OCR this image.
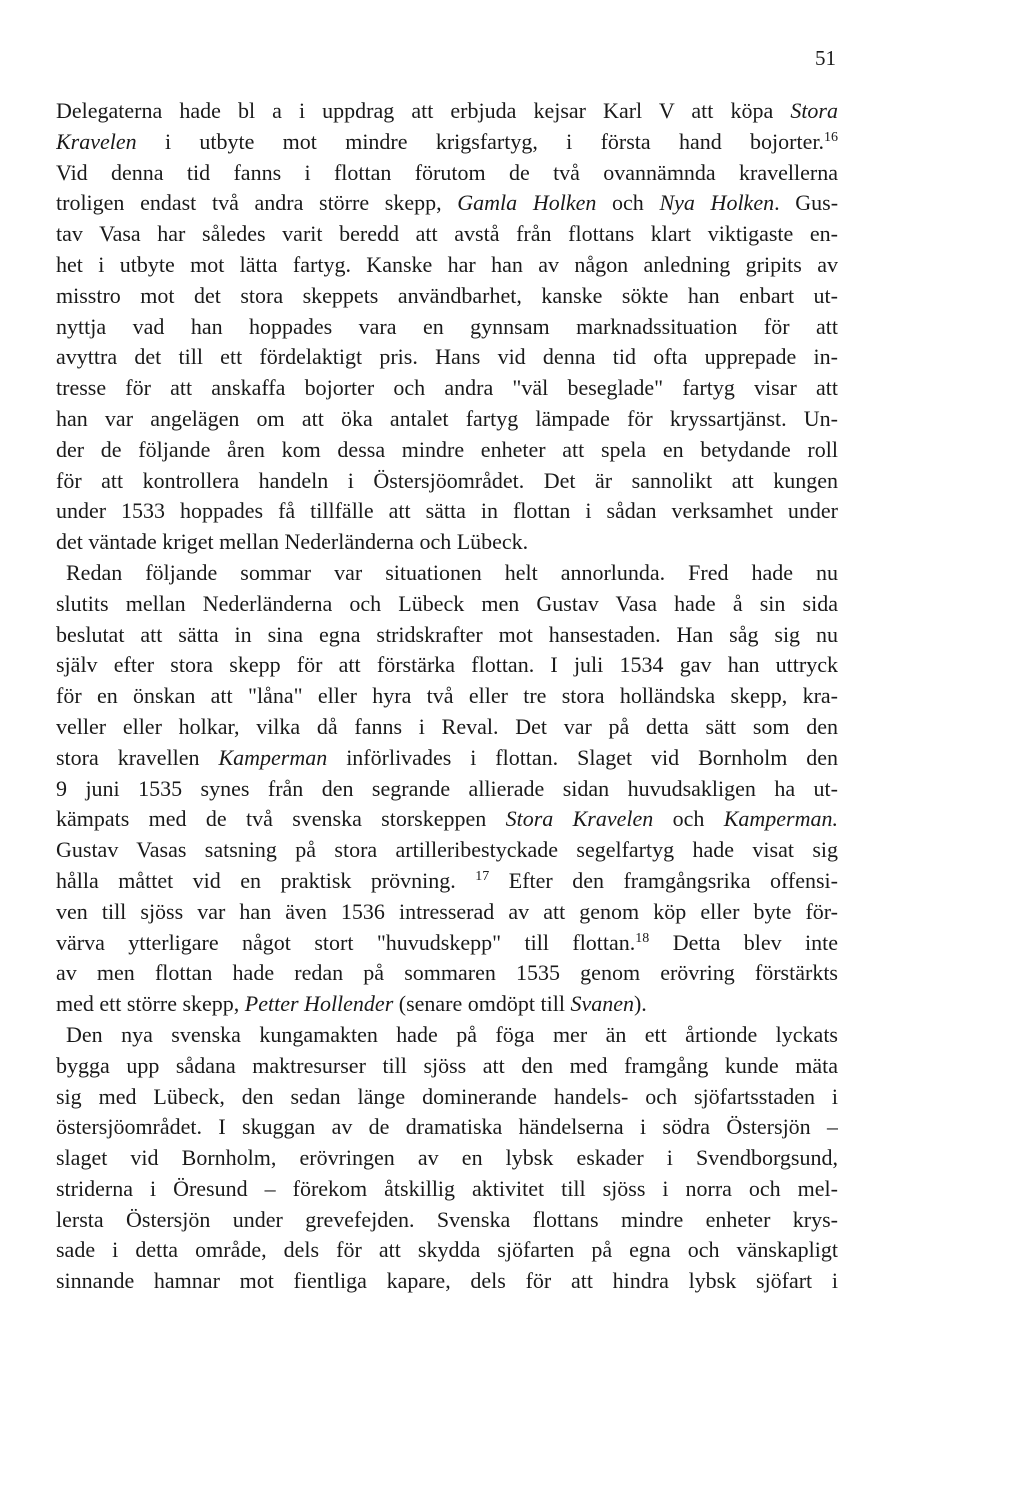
51
Delegaterna hade bl a i uppdrag att erbjuda kejsar Karl V att köpa Stora
Kravelen i utbyte mot mindre krigsfartyg, i första hand bojorter.$^{16}$
Vid denna tid fanns i flottan förutom de två ovannämnda kravellerna
troligen endast två andra större skepp, Gamla Holken och Nya Holken. Gus-
tav Vasa har således varit beredd att avstå från flottans klart viktigaste en-
het i utbyte mot lätta fartyg. Kanske har han av någon anledning gripits av
misstro mot det stora skeppets användbarhet, kanske sökte han enbart ut-
nyttja vad han hoppades vara en gynnsam marknadssituation för att
avyttra det till ett fördelaktigt pris. Hans vid denna tid ofta upprepade in-
tresse för att anskaffa bojorter och andra "väl beseglade" fartyg visar att
han var angelägen om att öka antalet fartyg lämpade för kryssartjänst. Un-
der de följande åren kom dessa mindre enheter att spela en betydande roll
för att kontrollera handeln i Östersjöområdet. Det är sannolikt att kungen
under 1533 hoppades få tillfälle att sätta in flottan i sådan verksamhet under
det väntade kriget mellan Nederländerna och Lübeck.
Redan följande sommar var situationen helt annorlunda. Fred hade nu
slutits mellan Nederländerna och Lübeck men Gustav Vasa hade å sin sida
beslutat att sätta in sina egna stridskrafter mot hansestaden. Han såg sig nu
själv efter stora skepp för att förstärka flottan. I juli 1534 gav han uttryck
för en önskan att "låna" eller hyra två eller tre stora holländska skepp, kra-
veller eller holkar, vilka då fanns i Reval. Det var på detta sätt som den
stora kravellen Kamperman införlivades i flottan. Slaget vid Bornholm den
9 juni 1535 synes från den segrande allierade sidan huvudsakligen ha ut-
kämpats med de två svenska storskeppen Stora Kravelen och Kamperman.
Gustav Vasas satsning på stora artilleribestyckade segelfartyg hade visat sig
hålla måttet vid en praktisk prövning. $^{17}$ Efter den framgångsrika offensi-
ven till sjöss var han även 1536 intresserad av att genom köp eller byte för-
värva ytterligare något stort "huvudskepp" till flottan.$^{18}$ Detta blev inte
av men flottan hade redan på sommaren 1535 genom erövring förstärkts
med ett större skepp, Petter Hollender (senare omdöpt till Svanen).
Den nya svenska kungamakten hade på föga mer än ett årtionde lyckats
bygga upp sådana maktresurser till sjöss att den med framgång kunde mäta
sig med Lübeck, den sedan länge dominerande handels- och sjöfartsstaden i
östersjöområdet. I skuggan av de dramatiska händelserna i södra Östersjön –
slaget vid Bornholm, erövringen av en lybsk eskader i Svendborgsund,
striderna i Öresund – förekom åtskillig aktivitet till sjöss i norra och mel-
lersta Östersjön under grevefejden. Svenska flottans mindre enheter krys-
sade i detta område, dels för att skydda sjöfarten på egna och vänskapligt
sinnande hamnar mot fientliga kapare, dels för att hindra lybsk sjöfart i
